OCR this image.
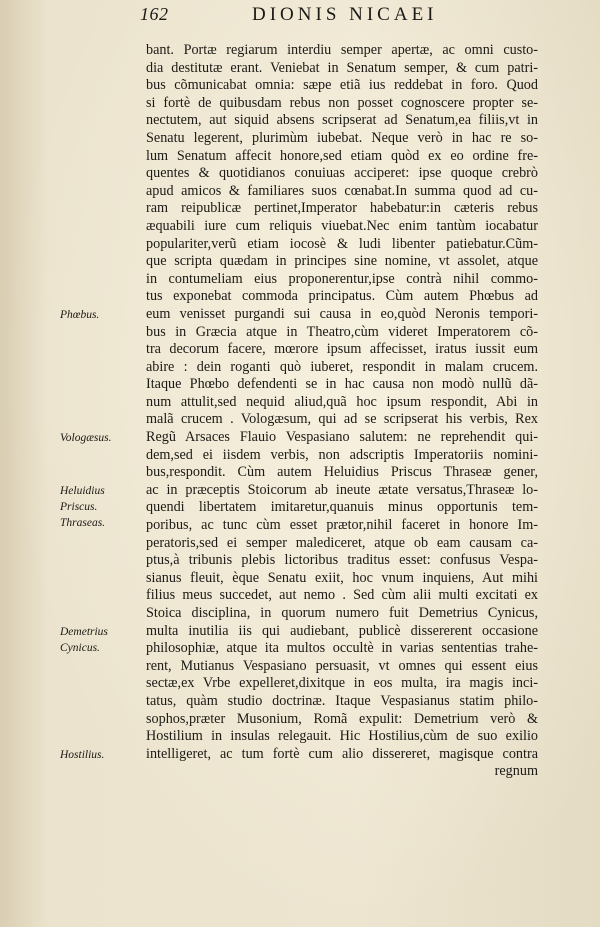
162	DIONIS NICAEI
bant. Portæ regiarum interdiu semper apertæ, ac omni custo-
dia destitutæ erant. Veniebat in Senatum semper, & cum patri-
bus cõmunicabat omnia: sæpe etiã ius reddebat in foro. Quod
si fortè de quibusdam rebus non posset cognoscere propter se-
nectutem, aut siquid absens scripserat ad Senatum,ea filiis,vt in
Senatu legerent, plurimùm iubebat. Neque verò in hac re so-
lum Senatum affecit honore,sed etiam quòd ex eo ordine fre-
quentes & quotidianos conuiuas acciperet: ipse quoque crebrò
apud amicos & familiares suos cœnabat.In summa quod ad cu-
ram reipublicæ pertinet,Imperator habebatur:in cæteris rebus
æquabili iure cum reliquis viuebat.Nec enim tantùm iocabatur
populariter,verũ etiam iocosè & ludi libenter patiebatur.Cũm-
que scripta quædam in principes sine nomine, vt assolet, atque
in contumeliam eius proponerentur,ipse contrà nihil commo-
tus exponebat commoda principatus. Cùm autem Phœbus ad
eum venisset purgandi sui causa in eo,quòd Neronis tempori-
bus in Græcia atque in Theatro,cùm videret Imperatorem cõ-
tra decorum facere, mœrore ipsum affecisset, iratus iussit eum
abire : dein roganti quò iuberet, respondit in malam crucem.
Itaque Phœbo defendenti se in hac causa non modò nullũ dã-
num attulit,sed nequid aliud,quã hoc ipsum respondit, Abi in
malã crucem . Vologæsum, qui ad se scripserat his verbis, Rex
Regũ Arsaces Flauio Vespasiano salutem: ne reprehendit qui-
dem,sed ei iisdem verbis, non adscriptis Imperatoriis nomini-
bus,respondit. Cùm autem Heluidius Priscus Thraseæ gener,
ac in præceptis Stoicorum ab ineute ætate versatus,Thraseæ lo-
quendi libertatem imitaretur,quanuis minus opportunis tem-
poribus, ac tunc cùm esset prætor,nihil faceret in honore Im-
peratoris,sed ei semper malediceret, atque ob eam causam ca-
ptus,à tribunis plebis lictoribus traditus esset: confusus Vespa-
sianus fleuit, èque Senatu exiit, hoc vnum inquiens, Aut mihi
filius meus succedet, aut nemo . Sed cùm alii multi excitati ex
Stoica disciplina, in quorum numero fuit Demetrius Cynicus,
multa inutilia iis qui audiebant, publicè dissererent occasione
philosophiæ, atque ita multos occultè in varias sententias trahe-
rent, Mutianus Vespasiano persuasit, vt omnes qui essent eius
sectæ,ex Vrbe expelleret,dixitque in eos multa, ira magis inci-
tatus, quàm studio doctrinæ. Itaque Vespasianus statim philo-
sophos,præter Musonium, Romã expulit: Demetrium verò &
Hostilium in insulas relegauit. Hic Hostilius,cùm de suo exilio
intelligeret, ac tum fortè cum alio dissereret, magisque contra
regnum
Phœbus.
Vologæsus.
Heluidius
Priscus.
Thraseas.
Demetrius
Cynicus.
Hostilius.
